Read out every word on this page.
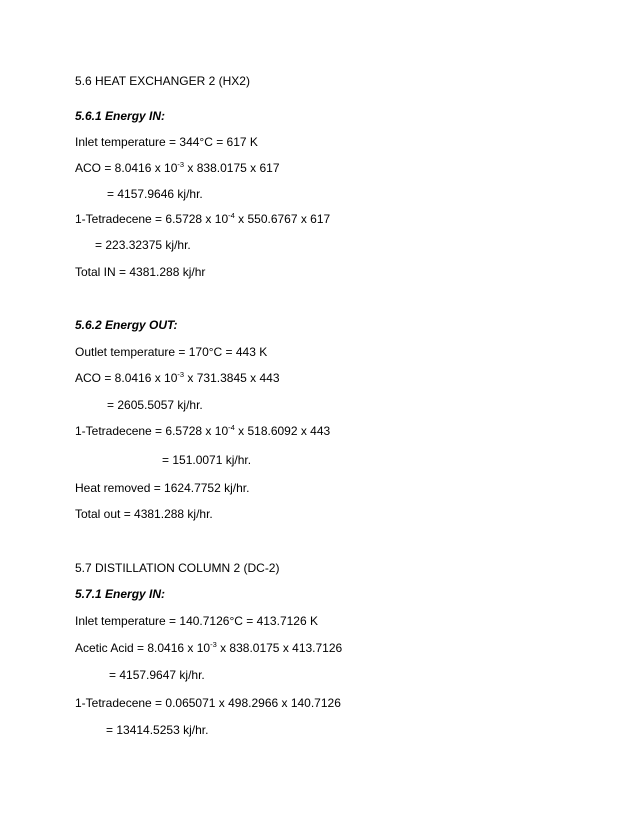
5.6 HEAT EXCHANGER 2 (HX2)
5.6.1 Energy IN:
Inlet temperature = 344°C = 617 K
ACO = 8.0416 x $10^{-3}$ x 838.0175 x 617
= 4157.9646 kj/hr.
1-Tetradecene = 6.5728 x $10^{-4}$ x 550.6767 x 617
= 223.32375 kj/hr.
Total IN = 4381.288 kj/hr
5.6.2 Energy OUT:
Outlet temperature = 170°C = 443 K
ACO = 8.0416 x $10^{-3}$ x 731.3845 x 443
= 2605.5057 kj/hr.
1-Tetradecene = 6.5728 x $10^{-4}$ x 518.6092 x 443
= 151.0071 kj/hr.
Heat removed = 1624.7752 kj/hr.
Total out = 4381.288 kj/hr.
5.7 DISTILLATION COLUMN 2 (DC-2)
5.7.1 Energy IN:
Inlet temperature = 140.7126°C = 413.7126 K
Acetic Acid = 8.0416 x $10^{-3}$ x 838.0175 x 413.7126
= 4157.9647 kj/hr.
1-Tetradecene = 0.065071 x 498.2966 x 140.7126
= 13414.5253 kj/hr.
